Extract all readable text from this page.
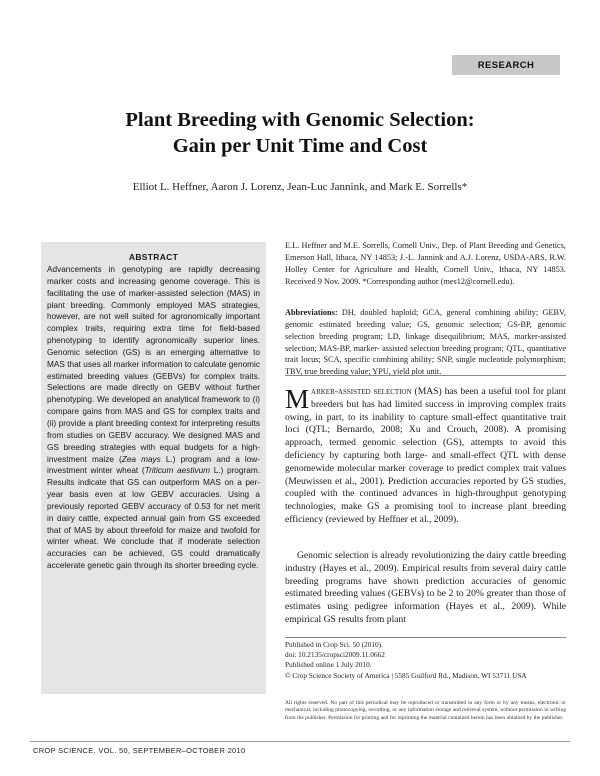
RESEARCH
Plant Breeding with Genomic Selection:
Gain per Unit Time and Cost
Elliot L. Heffner, Aaron J. Lorenz, Jean-Luc Jannink, and Mark E. Sorrells*
ABSTRACT
Advancements in genotyping are rapidly decreasing marker costs and increasing genome coverage. This is facilitating the use of marker-assisted selection (MAS) in plant breeding. Commonly employed MAS strategies, however, are not well suited for agronomically important complex traits, requiring extra time for field-based phenotyping to identify agronomically superior lines. Genomic selection (GS) is an emerging alternative to MAS that uses all marker information to calculate genomic estimated breeding values (GEBVs) for complex traits. Selections are made directly on GEBV without further phenotyping. We developed an analytical framework to (i) compare gains from MAS and GS for complex traits and (ii) provide a plant breeding context for interpreting results from studies on GEBV accuracy. We designed MAS and GS breeding strategies with equal budgets for a high-investment maize (Zea mays L.) program and a low-investment winter wheat (Triticum aestivum L.) program. Results indicate that GS can outperform MAS on a per-year basis even at low GEBV accuracies. Using a previously reported GEBV accuracy of 0.53 for net merit in dairy cattle, expected annual gain from GS exceeded that of MAS by about threefold for maize and twofold for winter wheat. We conclude that if moderate selection accuracies can be achieved, GS could dramatically accelerate genetic gain through its shorter breeding cycle.
E.L. Heffner and M.E. Sorrells, Cornell Univ., Dep. of Plant Breeding and Genetics, Emerson Hall, Ithaca, NY 14853; J.-L. Jannink and A.J. Lorenz, USDA-ARS, R.W. Holley Center for Agriculture and Health, Cornell Univ., Ithaca, NY 14853. Received 9 Nov. 2009. *Corresponding author (mes12@cornell.edu).
Abbreviations: DH, doubled haploid; GCA, general combining ability; GEBV, genomic estimated breeding value; GS, genomic selection; GS-BP, genomic selection breeding program; LD, linkage disequilibrium; MAS, marker-assisted selection; MAS-BP, marker- assisted selection breeding program; QTL, quantitative trait locus; SCA, specific combining ability; SNP, single nucleotide polymorphism; TBV, true breeding value; YPU, yield plot unit.
Marker-assisted selection (MAS) has been a useful tool for plant breeders but has had limited success in improving complex traits owing, in part, to its inability to capture small-effect quantitative trait loci (QTL; Bernardo, 2008; Xu and Crouch, 2008). A promising approach, termed genomic selection (GS), attempts to avoid this deficiency by capturing both large- and small-effect QTL with dense genomewide molecular marker coverage to predict complex trait values (Meuwissen et al., 2001). Prediction accuracies reported by GS studies, coupled with the continued advances in high-throughput genotyping technologies, make GS a promising tool to increase plant breeding efficiency (reviewed by Heffner et al., 2009).
Genomic selection is already revolutionizing the dairy cattle breeding industry (Hayes et al., 2009). Empirical results from several dairy cattle breeding programs have shown prediction accuracies of genomic estimated breeding values (GEBVs) to be 2 to 20% greater than those of estimates using pedigree information (Hayes et al., 2009). While empirical GS results from plant
Published in Crop Sci. 50 (2010).
doi: 10.2135/cropsci2009.11.0662
Published online 1 July 2010.
© Crop Science Society of America | 5585 Guilford Rd., Madison, WI 53711 USA
All rights reserved. No part of this periodical may be reproduced or transmitted in any form or by any means, electronic or mechanical, including photocopying, recording, or any information storage and retrieval system, without permission in writing from the publisher. Permission for printing and for reprinting the material contained herein has been obtained by the publisher.
CROP SCIENCE, VOL. 50, SEPTEMBER–OCTOBER 2010
